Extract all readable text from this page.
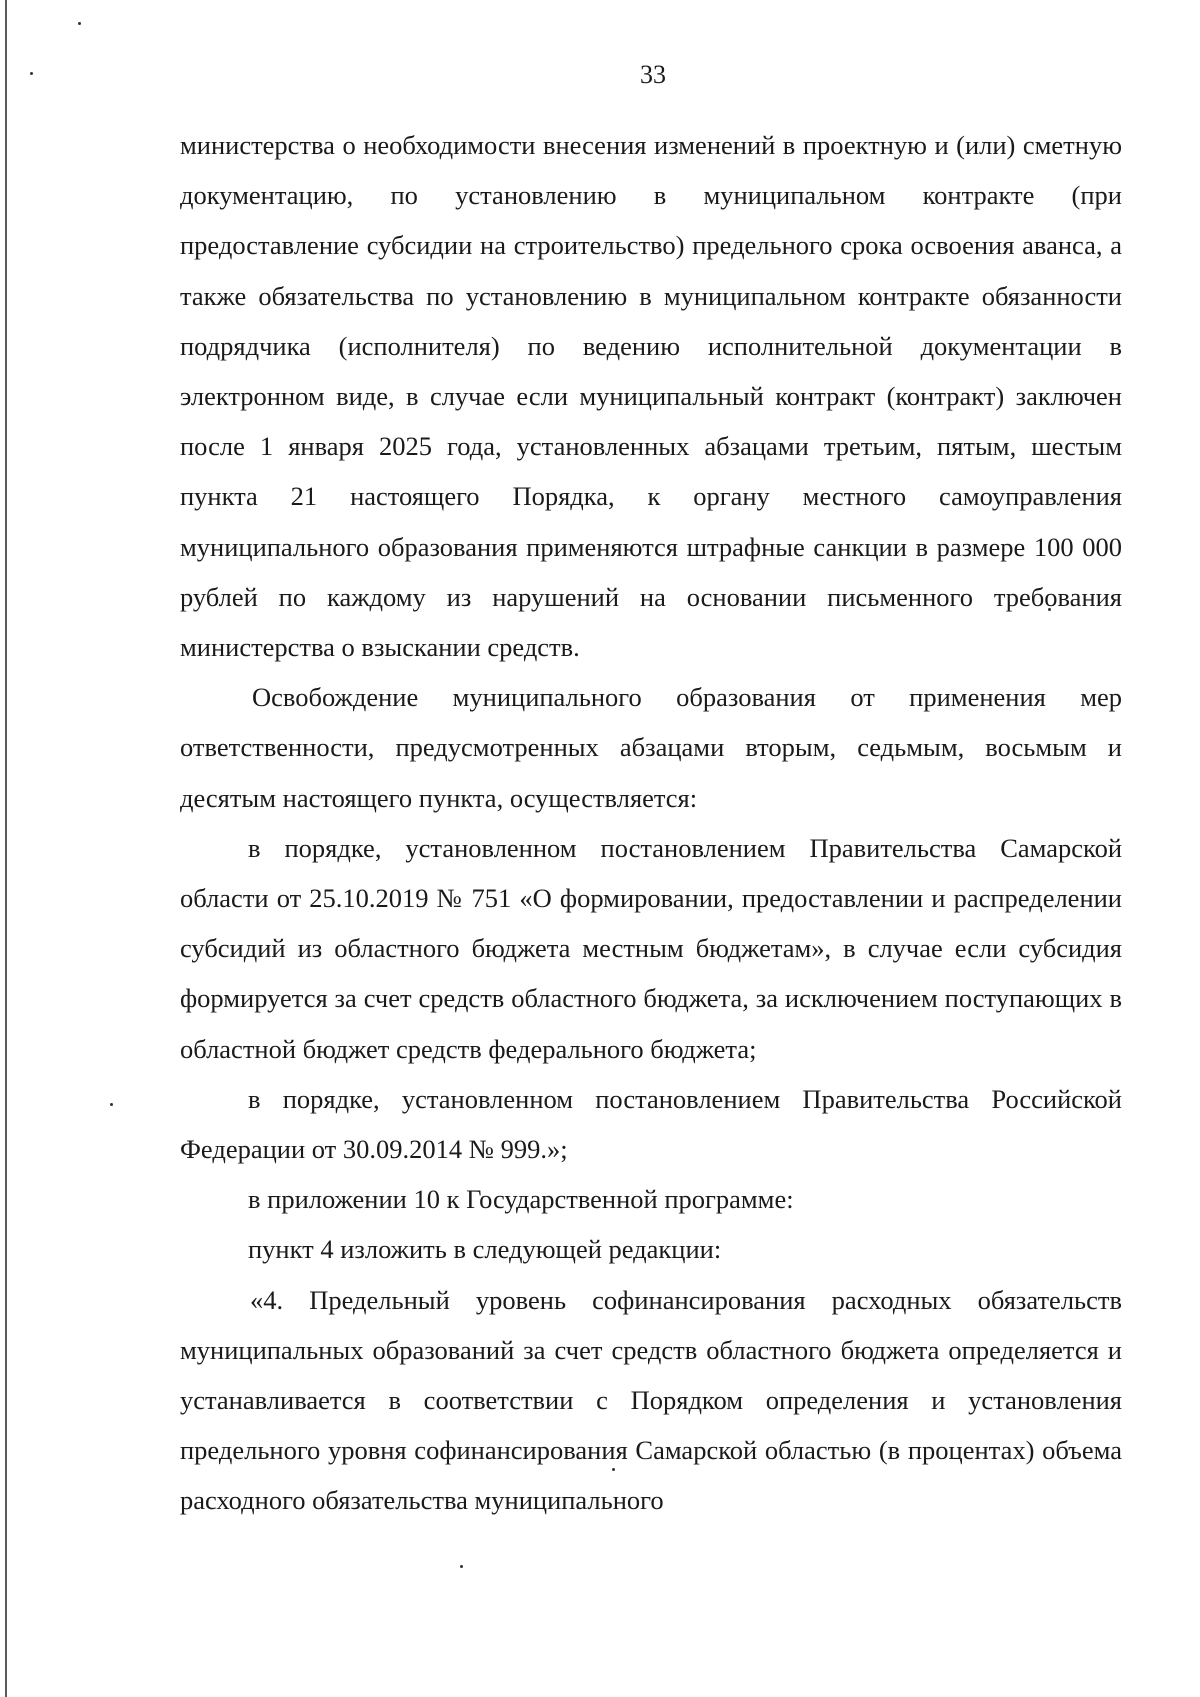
33

министерства о необходимости внесения изменений в проектную и (или) сметную документацию, по установлению в муниципальном контракте (при предоставление субсидии на строительство) предельного срока освоения аванса, а также обязательства по установлению в муниципальном контракте обязанности подрядчика (исполнителя) по ведению исполнительной документации в электронном виде, в случае если муниципальный контракт (контракт) заключен после 1 января 2025 года, установленных абзацами третьим, пятым, шестым пункта 21 настоящего Порядка, к органу местного самоуправления муниципального образования применяются штрафные санкции в размере 100 000 рублей по каждому из нарушений на основании письменного требования министерства о взыскании средств.

Освобождение муниципального образования от применения мер ответственности, предусмотренных абзацами вторым, седьмым, восьмым и десятым настоящего пункта, осуществляется:

в порядке, установленном постановлением Правительства Самарской области от 25.10.2019 № 751 «О формировании, предоставлении и распределении субсидий из областного бюджета местным бюджетам», в случае если субсидия формируется за счет средств областного бюджета, за исключением поступающих в областной бюджет средств федерального бюджета;

в порядке, установленном постановлением Правительства Российской Федерации от 30.09.2014 № 999.»;

в приложении 10 к Государственной программе:

пункт 4 изложить в следующей редакции:

«4. Предельный уровень софинансирования расходных обязательств муниципальных образований за счет средств областного бюджета определяется и устанавливается в соответствии с Порядком определения и установления предельного уровня софинансирования Самарской областью (в процентах) объема расходного обязательства муниципального
